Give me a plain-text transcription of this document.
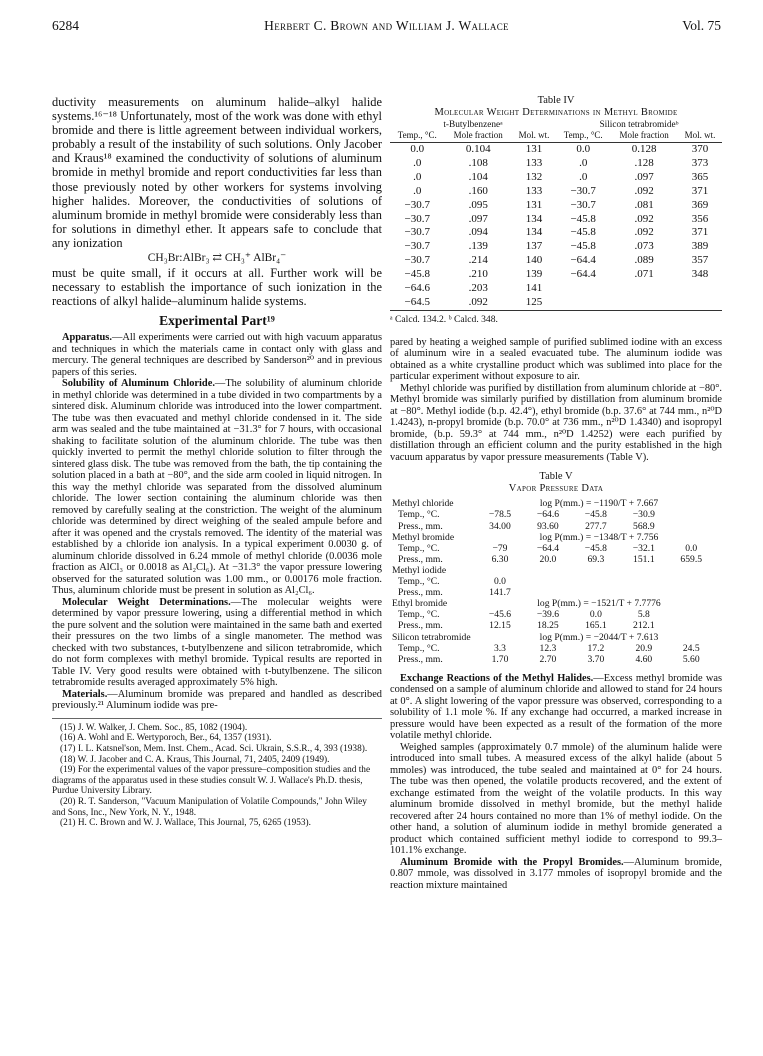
6284	Herbert C. Brown and William J. Wallace	Vol. 75

ductivity measurements on aluminum halide–alkyl halide systems.¹⁶⁻¹⁸ Unfortunately, most of the work was done with ethyl bromide and there is little agreement between individual workers, probably a result of the instability of such solutions. Only Jacober and Kraus¹⁸ examined the conductivity of solutions of aluminum bromide in methyl bromide and report conductivities far less than those previously noted by other workers for systems involving higher halides. Moreover, the conductivities of solutions of aluminum bromide in methyl bromide were considerably less than for solutions in dimethyl ether. It appears safe to conclude that any ionization

CH₃Br:AlBr₃ ⇄ CH₃⁺ AlBr₄⁻

must be quite small, if it occurs at all. Further work will be necessary to establish the importance of such ionization in the reactions of alkyl halide–aluminum halide systems.

Experimental Part¹⁹

Apparatus.—All experiments were carried out with high vacuum apparatus and techniques in which the materials came in contact only with glass and mercury. The general techniques are described by Sanderson²⁰ and in previous papers of this series.

Solubility of Aluminum Chloride.—The solubility of aluminum chloride in methyl chloride was determined in a tube divided in two compartments by a sintered disk. Aluminum chloride was introduced into the lower compartment. The tube was then evacuated and methyl chloride condensed in it. The side arm was sealed and the tube maintained at −31.3° for 7 hours, with occasional shaking to facilitate solution of the aluminum chloride. The tube was then quickly inverted to permit the methyl chloride solution to filter through the sintered glass disk. The tube was removed from the bath, the tip containing the solution placed in a bath at −80°, and the side arm cooled in liquid nitrogen. In this way the methyl chloride was separated from the dissolved aluminum chloride. The lower section containing the aluminum chloride was then removed by carefully sealing at the constriction. The weight of the aluminum chloride was determined by direct weighing of the sealed ampule before and after it was opened and the crystals removed. The identity of the material was established by a chloride ion analysis. In a typical experiment 0.0030 g. of aluminum chloride dissolved in 6.24 mmole of methyl chloride (0.0036 mole fraction as AlCl₃ or 0.0018 as Al₂Cl₆). At −31.3° the vapor pressure lowering observed for the saturated solution was 1.00 mm., or 0.00176 mole fraction. Thus, aluminum chloride must be present in solution as Al₂Cl₆.

Molecular Weight Determinations.—The molecular weights were determined by vapor pressure lowering, using a differential method in which the pure solvent and the solution were maintained in the same bath and exerted their pressures on the two limbs of a single manometer. The method was checked with two substances, t-butylbenzene and silicon tetrabromide, which do not form complexes with methyl bromide. Typical results are reported in Table IV. Very good results were obtained with t-butylbenzene. The silicon tetrabromide results averaged approximately 5% high.

Materials.—Aluminum bromide was prepared and handled as described previously.²¹ Aluminum iodide was pre-

(15) J. W. Walker, J. Chem. Soc., 85, 1082 (1904).
(16) A. Wohl and E. Wertyporoch, Ber., 64, 1357 (1931).
(17) I. L. Katsnel'son, Mem. Inst. Chem., Acad. Sci. Ukrain, S.S.R., 4, 393 (1938).
(18) W. J. Jacober and C. A. Kraus, This Journal, 71, 2405, 2409 (1949).
(19) For the experimental values of the vapor pressure–composition studies and the diagrams of the apparatus used in these studies consult W. J. Wallace's Ph.D. thesis, Purdue University Library.
(20) R. T. Sanderson, "Vacuum Manipulation of Volatile Compounds," John Wiley and Sons, Inc., New York, N. Y., 1948.
(21) H. C. Brown and W. J. Wallace, This Journal, 75, 6265 (1953).
Table IV
Molecular Weight Determinations in Methyl Bromide
t-Butylbenzeneᵃ			Silicon tetrabromideᵇ		
Temp., °C.	Mole fraction	Mol. wt.	Temp., °C.	Mole fraction	Mol. wt.
0.0	0.104	131	0.0	0.128	370
.0	.108	133	.0	.128	373
.0	.104	132	.0	.097	365
.0	.160	133	−30.7	.092	371
−30.7	.095	131	−30.7	.081	369
−30.7	.097	134	−45.8	.092	356
−30.7	.094	134	−45.8	.092	371
−30.7	.139	137	−45.8	.073	389
−30.7	.214	140	−64.4	.089	357
−45.8	.210	139	−64.4	.071	348
−64.6	.203	141			
−64.5	.092	125			
ᵃ Calcd. 134.2. ᵇ Calcd. 348.

pared by heating a weighed sample of purified sublimed iodine with an excess of aluminum wire in a sealed evacuated tube. The aluminum iodide was obtained as a white crystalline product which was sublimed into place for the particular experiment without exposure to air.

Methyl chloride was purified by distillation from aluminum chloride at −80°. Methyl bromide was similarly purified by distillation from aluminum bromide at −80°. Methyl iodide (b.p. 42.4°), ethyl bromide (b.p. 37.6° at 744 mm., n²⁰D 1.4243), n-propyl bromide (b.p. 70.0° at 736 mm., n²⁰D 1.4340) and isopropyl bromide, (b.p. 59.3° at 744 mm., n²⁰D 1.4252) were each purified by distillation through an efficient column and the purity established in the high vacuum apparatus by vapor pressure measurements (Table V).

Table V
Vapor Pressure Data
Methyl chloride	log P(mm.) = −1190/T + 7.667					
Temp., °C.	−78.5	−64.6	−45.8	−30.9		
Press., mm.	34.00	93.60	277.7	568.9		
Methyl bromide	log P(mm.) = −1348/T + 7.756					
Temp., °C.	−79	−64.4	−45.8	−32.1	0.0	
Press., mm.	6.30	20.0	69.3	151.1	659.5	
Methyl iodide						
Temp., °C.	0.0					
Press., mm.	141.7					
Ethyl bromide	log P(mm.) = −1521/T + 7.7776					
Temp., °C.	−45.6	−39.6	0.0	5.8		
Press., mm.	12.15	18.25	165.1	212.1		
Silicon tetrabromide	log P(mm.) = −2044/T + 7.613					
Temp., °C.	3.3	12.3	17.2	20.9	24.5	
Press., mm.	1.70	2.70	3.70	4.60	5.60	

Exchange Reactions of the Methyl Halides.—Excess methyl bromide was condensed on a sample of aluminum chloride and allowed to stand for 24 hours at 0°. A slight lowering of the vapor pressure was observed, corresponding to a solubility of 1.1 mole %. If any exchange had occurred, a marked increase in pressure would have been expected as a result of the formation of the more volatile methyl chloride.

Weighed samples (approximately 0.7 mmole) of the aluminum halide were introduced into small tubes. A measured excess of the alkyl halide (about 5 mmoles) was introduced, the tube sealed and maintained at 0° for 24 hours. The tube was then opened, the volatile products recovered, and the extent of exchange estimated from the weight of the volatile products. In this way aluminum bromide dissolved in methyl bromide, but the methyl halide recovered after 24 hours contained no more than 1% of methyl iodide. On the other hand, a solution of aluminum iodide in methyl bromide generated a product which contained sufficient methyl iodide to correspond to 99.3–101.1% exchange.

Aluminum Bromide with the Propyl Bromides.—Aluminum bromide, 0.807 mmole, was dissolved in 3.177 mmoles of isopropyl bromide and the reaction mixture maintained
